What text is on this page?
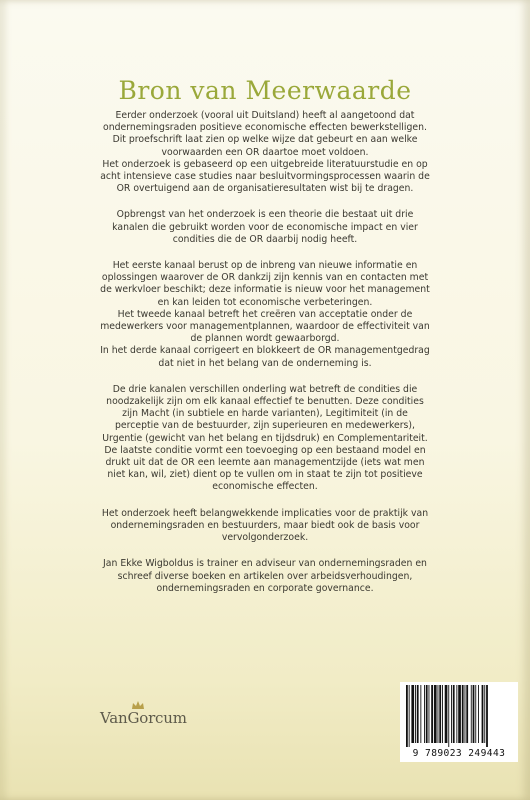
Bron van Meerwaarde

Eerder onderzoek (vooral uit Duitsland) heeft al aangetoond dat ondernemingsraden positieve economische effecten bewerkstelligen. Dit proefschrift laat zien op welke wijze dat gebeurt en aan welke voorwaarden een OR daartoe moet voldoen.
Het onderzoek is gebaseerd op een uitgebreide literatuurstudie en op acht intensieve case studies naar besluitvormingsprocessen waarin de OR overtuigend aan de organisatieresultaten wist bij te dragen.

Opbrengst van het onderzoek is een theorie die bestaat uit drie kanalen die gebruikt worden voor de economische impact en vier condities die de OR daarbij nodig heeft.

Het eerste kanaal berust op de inbreng van nieuwe informatie en oplossingen waarover de OR dankzij zijn kennis van en contacten met de werkvloer beschikt; deze informatie is nieuw voor het management en kan leiden tot economische verbeteringen.
Het tweede kanaal betreft het creëren van acceptatie onder de medewerkers voor managementplannen, waardoor de effectiviteit van de plannen wordt gewaarborgd.
In het derde kanaal corrigeert en blokkeert de OR managementgedrag dat niet in het belang van de onderneming is.

De drie kanalen verschillen onderling wat betreft de condities die noodzakelijk zijn om elk kanaal effectief te benutten. Deze condities zijn Macht (in subtiele en harde varianten), Legitimiteit (in de perceptie van de bestuurder, zijn superieuren en medewerkers), Urgentie (gewicht van het belang en tijdsdruk) en Complementariteit. De laatste conditie vormt een toevoeging op een bestaand model en drukt uit dat de OR een leemte aan managementzijde (iets wat men niet kan, wil, ziet) dient op te vullen om in staat te zijn tot positieve economische effecten.

Het onderzoek heeft belangwekkende implicaties voor de praktijk van ondernemingsraden en bestuurders, maar biedt ook de basis voor vervolgonderzoek.

Jan Ekke Wigboldus is trainer en adviseur van ondernemingsraden en schreef diverse boeken en artikelen over arbeidsverhoudingen, ondernemingsraden en corporate governance.

VanGorcum
9 789023 249443
